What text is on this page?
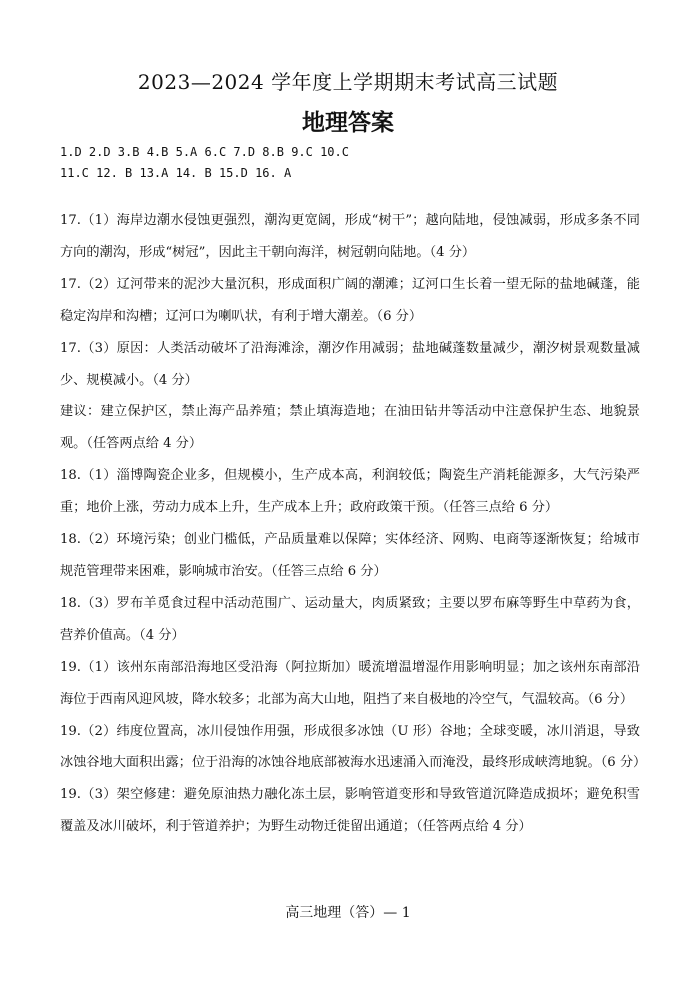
2023—2024 学年度上学期期末考试高三试题
地理答案
1.D 2.D 3.B 4.B 5.A 6.C 7.D 8.B 9.C 10.C
11.C 12. B 13.A 14. B 15.D 16. A

17.（1）海岸边潮水侵蚀更强烈，潮沟更宽阔，形成“树干”；越向陆地，侵蚀减弱，形成多条不同方向的潮沟，形成“树冠”，因此主干朝向海洋，树冠朝向陆地。（4 分）

17.（2）辽河带来的泥沙大量沉积，形成面积广阔的潮滩；辽河口生长着一望无际的盐地碱蓬，能稳定沟岸和沟槽；辽河口为喇叭状，有利于增大潮差。（6 分）

17.（3）原因：人类活动破坏了沿海滩涂，潮汐作用减弱；盐地碱蓬数量减少，潮汐树景观数量减少、规模减小。（4 分）

建议：建立保护区，禁止海产品养殖；禁止填海造地；在油田钻井等活动中注意保护生态、地貌景观。（任答两点给 4 分）

18.（1）淄博陶瓷企业多，但规模小，生产成本高，利润较低；陶瓷生产消耗能源多，大气污染严重；地价上涨，劳动力成本上升，生产成本上升；政府政策干预。（任答三点给 6 分）

18.（2）环境污染；创业门槛低，产品质量难以保障；实体经济、网购、电商等逐渐恢复；给城市规范管理带来困难，影响城市治安。（任答三点给 6 分）

18.（3）罗布羊觅食过程中活动范围广、运动量大，肉质紧致；主要以罗布麻等野生中草药为食，营养价值高。（4 分）

19.（1）该州东南部沿海地区受沿海（阿拉斯加）暖流增温增湿作用影响明显；加之该州东南部沿海位于西南风迎风坡，降水较多；北部为高大山地，阻挡了来自极地的冷空气，气温较高。（6 分）

19.（2）纬度位置高，冰川侵蚀作用强，形成很多冰蚀（U 形）谷地；全球变暖，冰川消退，导致冰蚀谷地大面积出露；位于沿海的冰蚀谷地底部被海水迅速涌入而淹没，最终形成峡湾地貌。（6 分）

19.（3）架空修建：避免原油热力融化冻土层，影响管道变形和导致管道沉降造成损坏；避免积雪覆盖及冰川破坏，利于管道养护；为野生动物迁徙留出通道；（任答两点给 4 分）

高三地理（答）— 1
